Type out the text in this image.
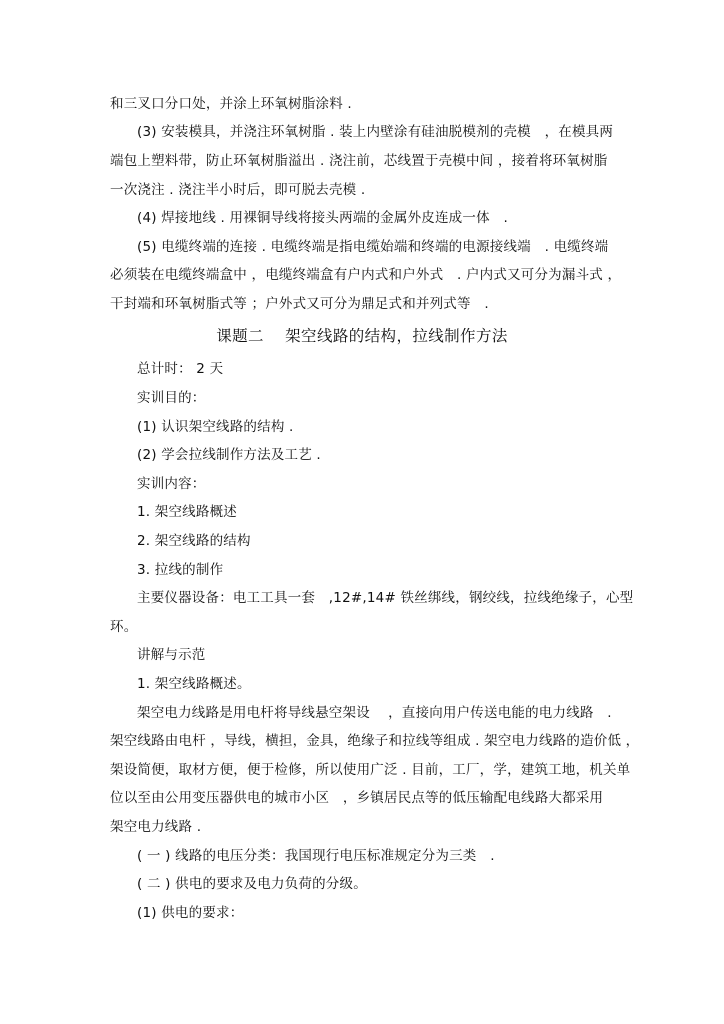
和三叉口分口处，并涂上环氧树脂涂料 .
(3) 安装模具，并浇注环氧树脂 . 装上内壁涂有硅油脱模剂的壳模　，在模具两
端包上塑料带，防止环氧树脂溢出 . 浇注前，芯线置于壳模中间 ，接着将环氧树脂
一次浇注 . 浇注半小时后，即可脱去壳模 .
(4) 焊接地线 . 用裸铜导线将接头两端的金属外皮连成一体　.
(5) 电缆终端的连接 . 电缆终端是指电缆始端和终端的电源接线端　. 电缆终端
必须装在电缆终端盒中 ，电缆终端盒有户内式和户外式　. 户内式又可分为漏斗式 ，
干封端和环氧树脂式等 ；户外式又可分为鼎足式和并列式等　.
课题二　 架空线路的结构，拉线制作方法
总计时： 2 天
实训目的：
(1) 认识架空线路的结构 .
(2) 学会拉线制作方法及工艺 .
实训内容：
1. 架空线路概述
2. 架空线路的结构
3. 拉线的制作
主要仪器设备：电工工具一套　,12#,14# 铁丝绑线，钢绞线，拉线绝缘子，心型
环。
讲解与示范
1. 架空线路概述。
架空电力线路是用电杆将导线悬空架设　 ，直接向用户传送电能的电力线路　.
架空线路由电杆 ，导线，横担，金具，绝缘子和拉线等组成 . 架空电力线路的造价低 ，
架设简便，取材方便，便于检修，所以使用广泛 . 目前，工厂，学，建筑工地，机关单
位以至由公用变压器供电的城市小区　，乡镇居民点等的低压输配电线路大都采用
架空电力线路 .
( 一 ) 线路的电压分类：我国现行电压标准规定分为三类　.
( 二 ) 供电的要求及电力负荷的分级。
(1) 供电的要求：
